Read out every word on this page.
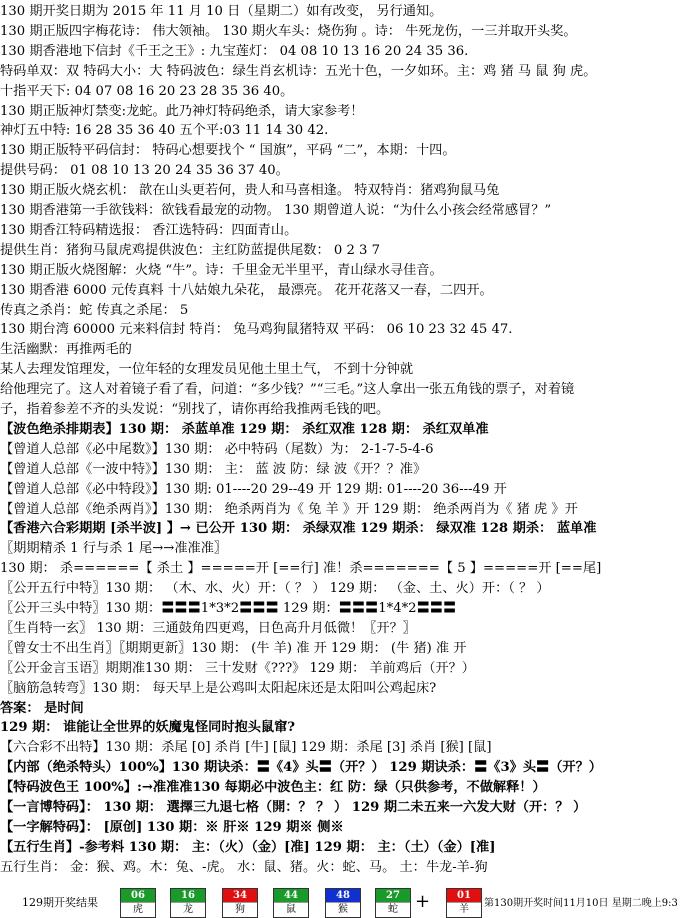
130 期开奖日期为 2015 年 11 月 10 日（星期二）如有改变， 另行通知。
130 期正版四字梅花诗： 伟大领袖。 130 期火车头：烧伤狗 。诗： 牛死龙伤，一三并取开头奖。
130 期香港地下信封《千王之王》: 九宝莲灯： 04 08 10 13 16 20 24 35 36.
特码单双：双 特码大小：大 特码波色：绿生肖玄机诗：五光十色，一夕如环。主：鸡 猪 马 鼠 狗 虎。
十指平天下: 04 07 08 16 20 23 28 35 36 40。
130 期正版神灯禁变:龙蛇。此乃神灯特码绝杀，请大家参考！
神灯五中特: 16 28 35 36 40 五个平:03 11 14 30 42.
130 期正版特平码信封： 特码心想要找个 “ 国旗”，平码 “二”，本期：十四。
提供号码： 01 08 10 13 20 24 35 36 37 40。
130 期正版火烧玄机： 歆在山头更若何，贵人和马喜相逢。 特双特肖：猪鸡狗鼠马兔
130 期香港第一手欲钱料：欲钱看最宠的动物。 130 期曾道人说：“为什么小孩会经常感冒？”
130 期香江特码精选报： 香江选特码：四面青山。
提供生肖：猪狗马鼠虎鸡提供波色：主红防蓝提供尾数： 0 2 3 7
130 期正版火烧图解：火烧 “牛”。诗：千里金无半里平，青山绿水寻佳音。
130 期香港 6000 元传真料 十八姑娘九朵花， 最漂亮。 花开花落又一春，二四开。
传真之杀肖：蛇 传真之杀尾： 5
130 期台湾 60000 元来料信封 特肖： 兔马鸡狗鼠猪特双 平码： 06 10 23 32 45 47.
生活幽默：再推两毛的
某人去理发馆理发，一位年轻的女理发员见他土里土气， 不到十分钟就
给他理完了。这人对着镜子看了看，问道：“多少钱？”“三毛。”这人拿出一张五角钱的票子，对着镜
子，指着参差不齐的头发说：“别找了，请你再给我推两毛钱的吧。
【波色绝杀排期表】130 期： 杀蓝单准 129 期： 杀红双准 128 期： 杀红双单准
【曾道人总部《必中尾数》】130 期： 必中特码（尾数）为： 2-1-7-5-4-6
【曾道人总部《一波中特》】130 期： 主： 蓝 波 防：绿 波《开？？准》
【曾道人总部《必中特段》】130 期: 01----20 29--49 开 129 期: 01----20 36---49 开
【曾道人总部《绝杀两肖》】130 期： 绝杀两肖为《 兔 羊 》开 129 期： 绝杀两肖为《 猪 虎 》开
【香港六合彩期期 [杀半波] 】→ 已公开 130 期： 杀绿双准 129 期杀： 绿双准 128 期杀： 蓝单准
〖期期精杀 1 行与杀 1 尾→→准准准〗
130 期： 杀======【 杀土 】=====开 [==行] 准！杀=======【 5 】=====开 [==尾]
〖公开五行中特〗130 期： （木、水、火）开：（ ？ ） 129 期： （金、土、火）开：（ ？ ）
〖公开三头中特〗130 期：〓〓〓1*3*2〓〓〓 129 期：〓〓〓1*4*2〓〓〓
〖生肖特一玄〗 130 期：三通鼓角四更鸡，日色高升月低微！〖开？〗
〖曾女士不出生肖〗〖期期更新〗130 期： (牛 羊) 准 开 129 期： (牛 猪) 准 开
〖公开金言玉语〗期期准130 期： 三十发财《???》 129 期： 羊前鸡后（开？）
〖脑筋急转弯〗130 期： 每天早上是公鸡叫太阳起床还是太阳叫公鸡起床?
答案： 是时间
129 期： 谁能让全世界的妖魔鬼怪同时抱头鼠窜?
【六合彩不出特】130 期：杀尾 [0] 杀肖 [牛] [鼠] 129 期：杀尾 [3] 杀肖 [猴] [鼠]
【内部（绝杀特头）100%】130 期诀杀：〓《4》头〓（开？） 129 期诀杀：〓《3》头〓（开？）
【特码波色王 100%】:→准准准130 每期必中波色主：红 防：绿（只供参考，不做解释！）
【一言博特码】： 130 期： 選擇三九退七格（開：？ ？ ） 129 期二未五来一六发大财（开：？ ）
【一字解特码】： [原创] 130 期：※ 肝※ 129 期※ 侧※
【五行生肖】-参考料 130 期： 主：（火）（金）[准] 129 期： 主：（土）（金）[准]
五行生肖： 金：猴、鸡。木：兔、-虎。 水：鼠、猪。火：蛇、马。 土：牛龙-羊-狗
129期开奖结果
06
虎
16
龙
34
狗
44
鼠
48
猴
27
蛇
01
羊
+	第130期开奖时间11月10日 星期二晚上9:3
